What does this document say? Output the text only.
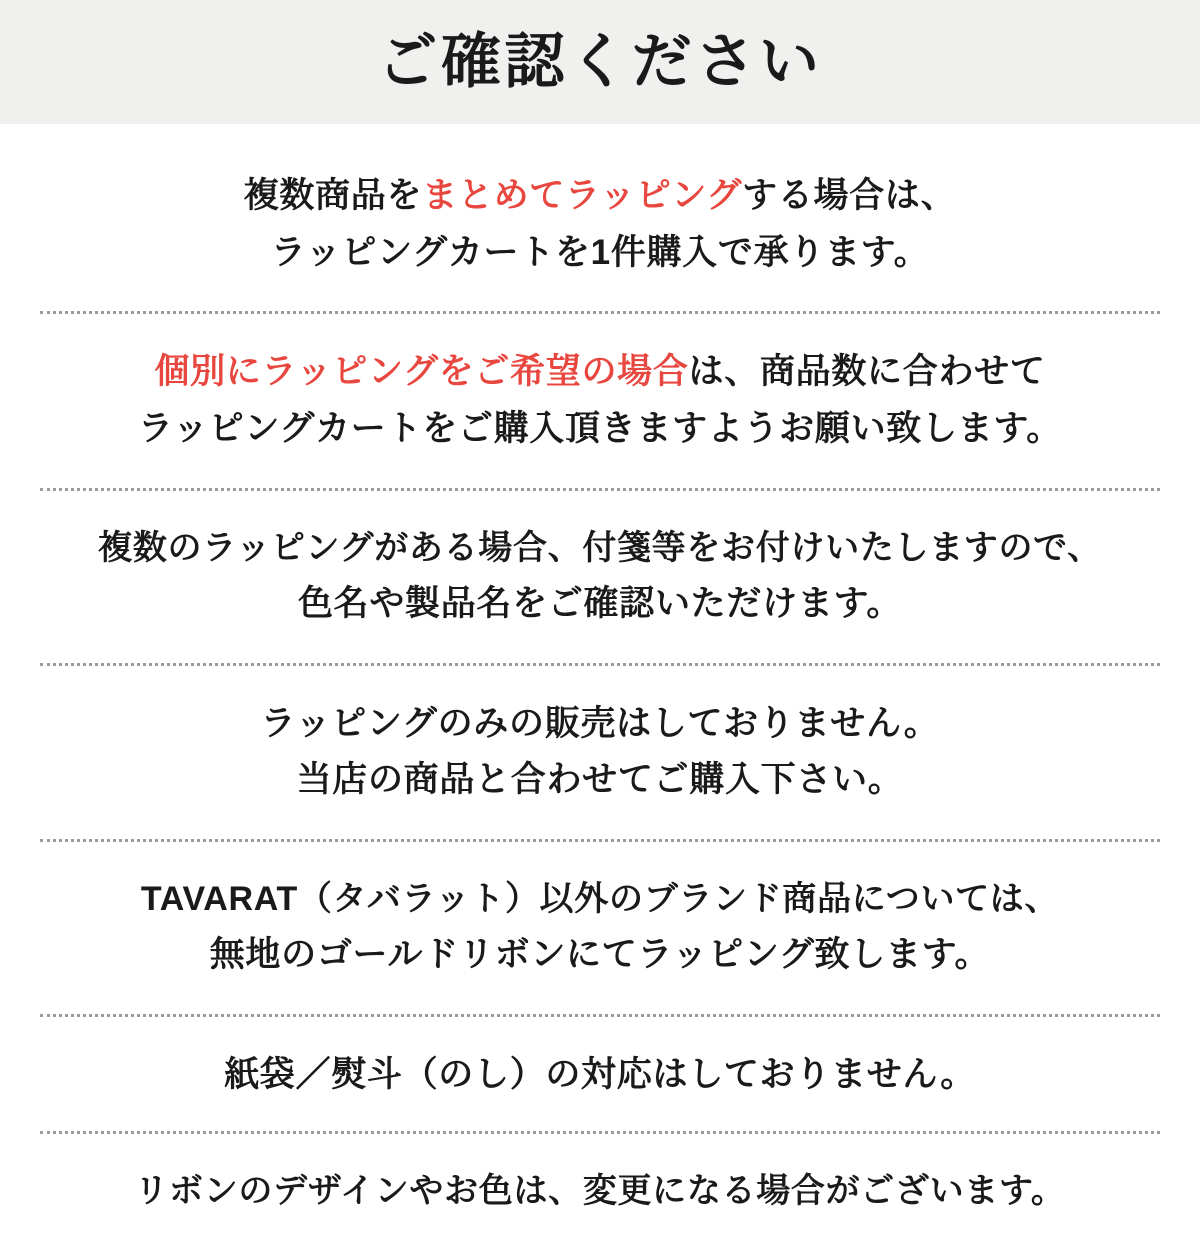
ご確認ください
複数商品をまとめてラッピングする場合は、
ラッピングカートを1件購入で承ります。
個別にラッピングをご希望の場合は、商品数に合わせて
ラッピングカートをご購入頂きますようお願い致します。
複数のラッピングがある場合、付箋等をお付けいたしますので、
色名や製品名をご確認いただけます。
ラッピングのみの販売はしておりません。
当店の商品と合わせてご購入下さい。
TAVARAT（タバラット）以外のブランド商品については、
無地のゴールドリボンにてラッピング致します。
紙袋／熨斗（のし）の対応はしておりません。
リボンのデザインやお色は、変更になる場合がございます。
